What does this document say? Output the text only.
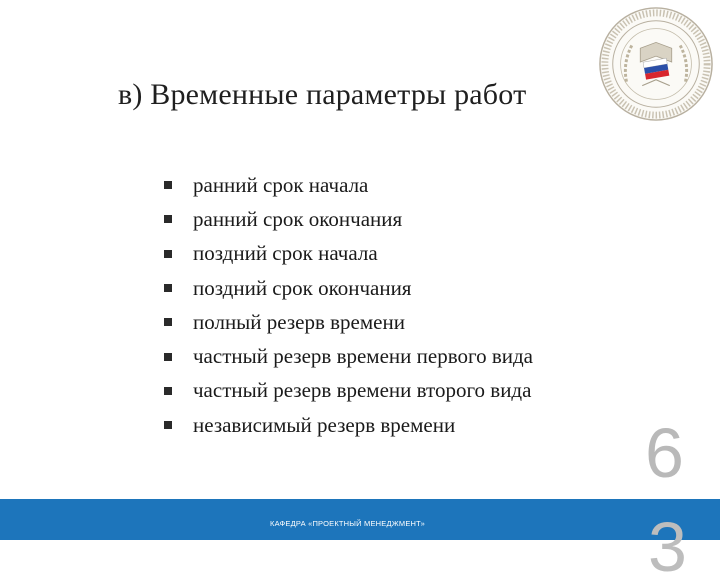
в) Временные параметры работ
ранний срок начала
ранний срок окончания
поздний срок начала
поздний срок окончания
полный резерв времени
частный резерв времени первого вида
частный резерв времени второго вида
независимый резерв времени	6
3
КАФЕДРА «ПРОЕКТНЫЙ МЕНЕДЖМЕНТ»
